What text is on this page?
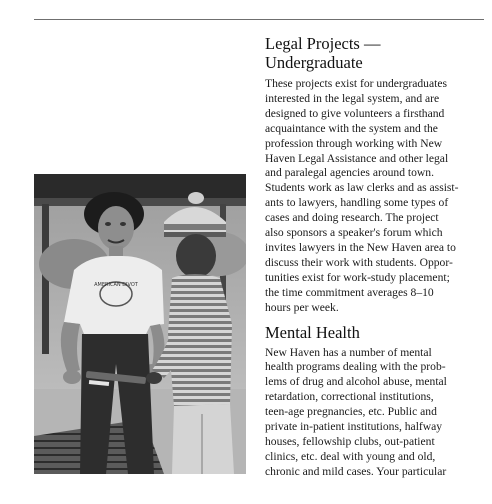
AMERICAN DIVOT
Legal Projects —
Undergraduate
These projects exist for undergraduates
interested in the legal system, and are
designed to give volunteers a firsthand
acquaintance with the system and the
profession through working with New
Haven Legal Assistance and other legal
and paralegal agencies around town.
Students work as law clerks and as assist-
ants to lawyers, handling some types of
cases and doing research. The project
also sponsors a speaker's forum which
invites lawyers in the New Haven area to
discuss their work with students. Oppor-
tunities exist for work-study placement;
the time commitment averages 8–10
hours per week.
Mental Health
New Haven has a number of mental
health programs dealing with the prob-
lems of drug and alcohol abuse, mental
retardation, correctional institutions,
teen-age pregnancies, etc. Public and
private in-patient institutions, halfway
houses, fellowship clubs, out-patient
clinics, etc. deal with young and old,
chronic and mild cases. Your particular
